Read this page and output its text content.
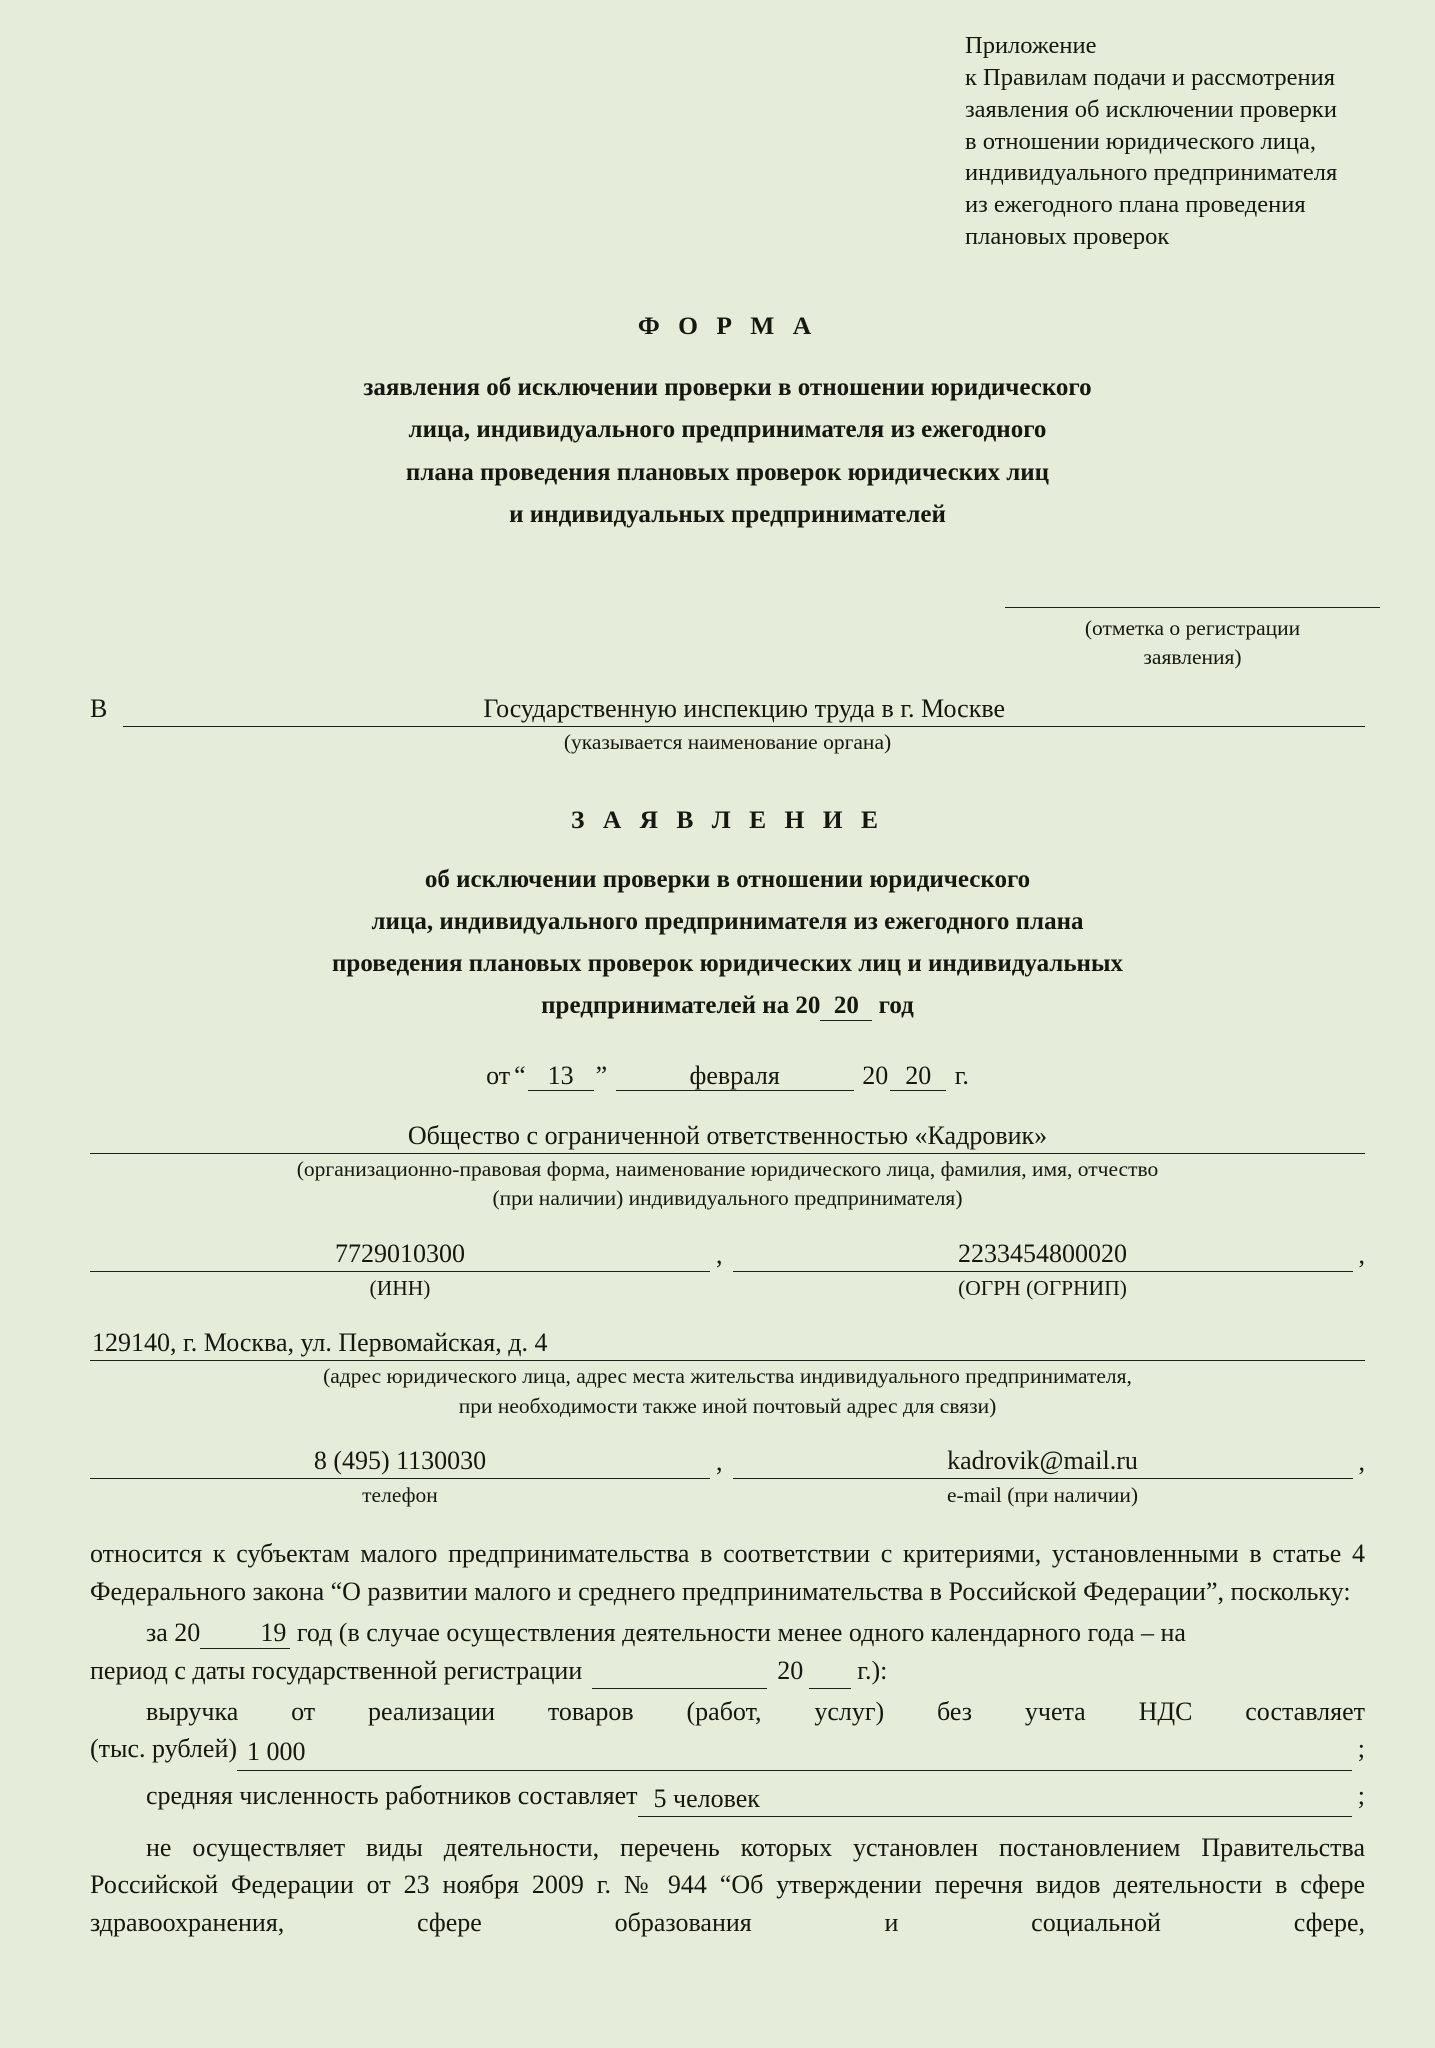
Приложение
к Правилам подачи и рассмотрения
заявления об исключении проверки
в отношении юридического лица,
индивидуального предпринимателя
из ежегодного плана проведения
плановых проверок
Ф О Р М А
заявления об исключении проверки в отношении юридического
лица, индивидуального предпринимателя из ежегодного
плана проведения плановых проверок юридических лиц
и индивидуальных предпринимателей
(отметка о регистрации
заявления)
В	Государственную инспекцию труда в г. Москве
(указывается наименование органа)
З А Я В Л Е Н И Е
об исключении проверки в отношении юридического
лица, индивидуального предпринимателя из ежегодного плана
проведения плановых проверок юридических лиц и индивидуальных
предпринимателей на 20 20 год
от “ 13 ”	февраля	20 20 г.
Общество с ограниченной ответственностью «Кадровик»
(организационно-правовая форма, наименование юридического лица, фамилия, имя, отчество
(при наличии) индивидуального предпринимателя)
7729010300	,	2233454800020	,
(ИНН)	(ОГРН (ОГРНИП)
129140, г. Москва, ул. Первомайская, д. 4
(адрес юридического лица, адрес места жительства индивидуального предпринимателя,
при необходимости также иной почтовый адрес для связи)
8 (495) 1130030	,	kadrovik@mail.ru	,
телефон	e-mail (при наличии)
относится к субъектам малого предпринимательства в соответствии с критериями, установленными в статье 4 Федерального закона “О развитии малого и среднего предпринимательства в Российской Федерации”, поскольку:
за 20 19 год (в случае осуществления деятельности менее одного календарного года – на
период с даты государственной регистрации	20 г.):
выручка от реализации товаров (работ, услуг) без учета НДС составляет
(тыс. рублей) 1 000	;
средняя численность работников составляет 5 человек	;
не осуществляет виды деятельности, перечень которых установлен постановлением Правительства Российской Федерации от 23 ноября 2009 г. № 944 “Об утверждении перечня видов деятельности в сфере здравоохранения, сфере образования и социальной сфере,
